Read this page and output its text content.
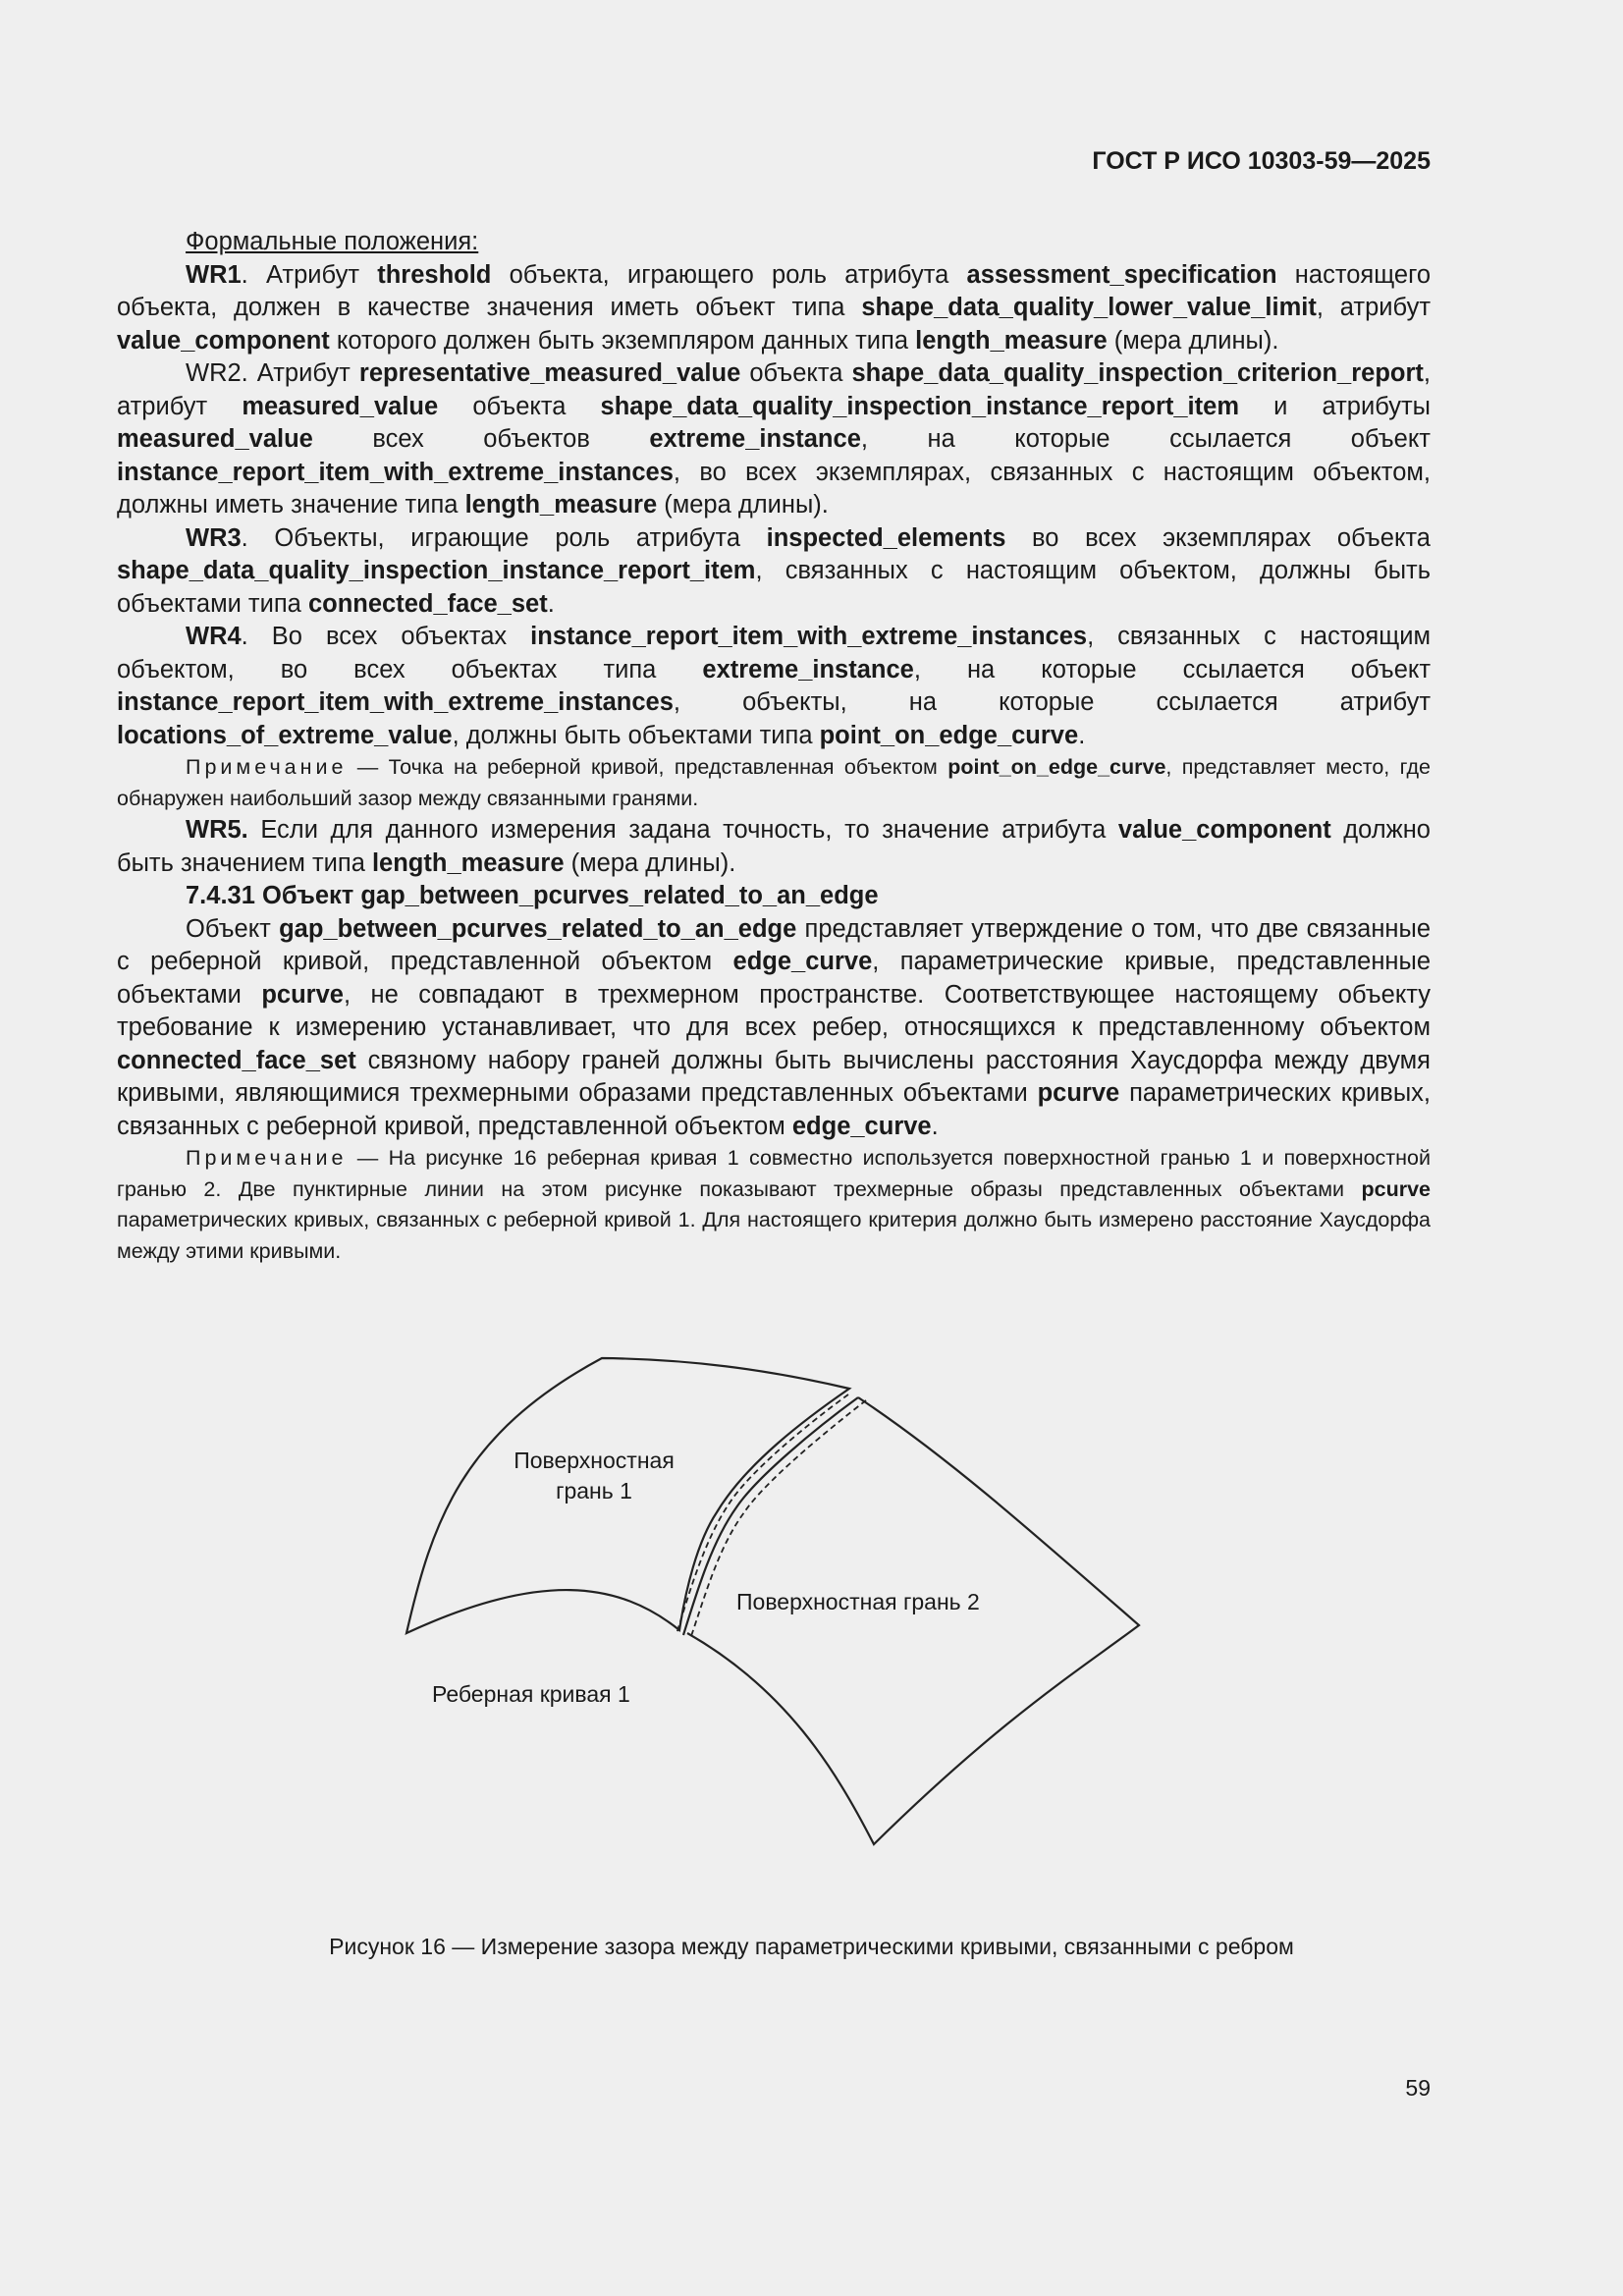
ГОСТ Р ИСО 10303-59—2025

Формальные положения:

WR1. Атрибут threshold объекта, играющего роль атрибута assessment_specification настоящего объекта, должен в качестве значения иметь объект типа shape_data_quality_lower_value_limit, атрибут value_component которого должен быть экземпляром данных типа length_measure (мера длины).

WR2. Атрибут representative_measured_value объекта shape_data_quality_inspection_criterion_report, атрибут measured_value объекта shape_data_quality_inspection_instance_report_item и атрибуты measured_value всех объектов extreme_instance, на которые ссылается объект instance_report_item_with_extreme_instances, во всех экземплярах, связанных с настоящим объектом, должны иметь значение типа length_measure (мера длины).

WR3. Объекты, играющие роль атрибута inspected_elements во всех экземплярах объекта shape_data_quality_inspection_instance_report_item, связанных с настоящим объектом, должны быть объектами типа connected_face_set.

WR4. Во всех объектах instance_report_item_with_extreme_instances, связанных с настоящим объектом, во всех объектах типа extreme_instance, на которые ссылается объект instance_report_item_with_extreme_instances, объекты, на которые ссылается атрибут locations_of_extreme_value, должны быть объектами типа point_on_edge_curve.

Примечание — Точка на реберной кривой, представленная объектом point_on_edge_curve, представляет место, где обнаружен наибольший зазор между связанными гранями.

WR5. Если для данного измерения задана точность, то значение атрибута value_component должно быть значением типа length_measure (мера длины).

7.4.31 Объект gap_between_pcurves_related_to_an_edge

Объект gap_between_pcurves_related_to_an_edge представляет утверждение о том, что две связанные с реберной кривой, представленной объектом edge_curve, параметрические кривые, представленные объектами pcurve, не совпадают в трехмерном пространстве. Соответствующее настоящему объекту требование к измерению устанавливает, что для всех ребер, относящихся к представленному объектом connected_face_set связному набору граней должны быть вычислены расстояния Хаусдорфа между двумя кривыми, являющимися трехмерными образами представленных объектами pcurve параметрических кривых, связанных с реберной кривой, представленной объектом edge_curve.

Примечание — На рисунке 16 реберная кривая 1 совместно используется поверхностной гранью 1 и поверхностной гранью 2. Две пунктирные линии на этом рисунке показывают трехмерные образы представленных объектами pcurve параметрических кривых, связанных с реберной кривой 1. Для настоящего критерия должно быть измерено расстояние Хаусдорфа между этими кривыми.

Поверхностная
грань 1
Поверхностная грань 2
Реберная кривая 1
Рисунок 16 — Измерение зазора между параметрическими кривыми, связанными с ребром
59
